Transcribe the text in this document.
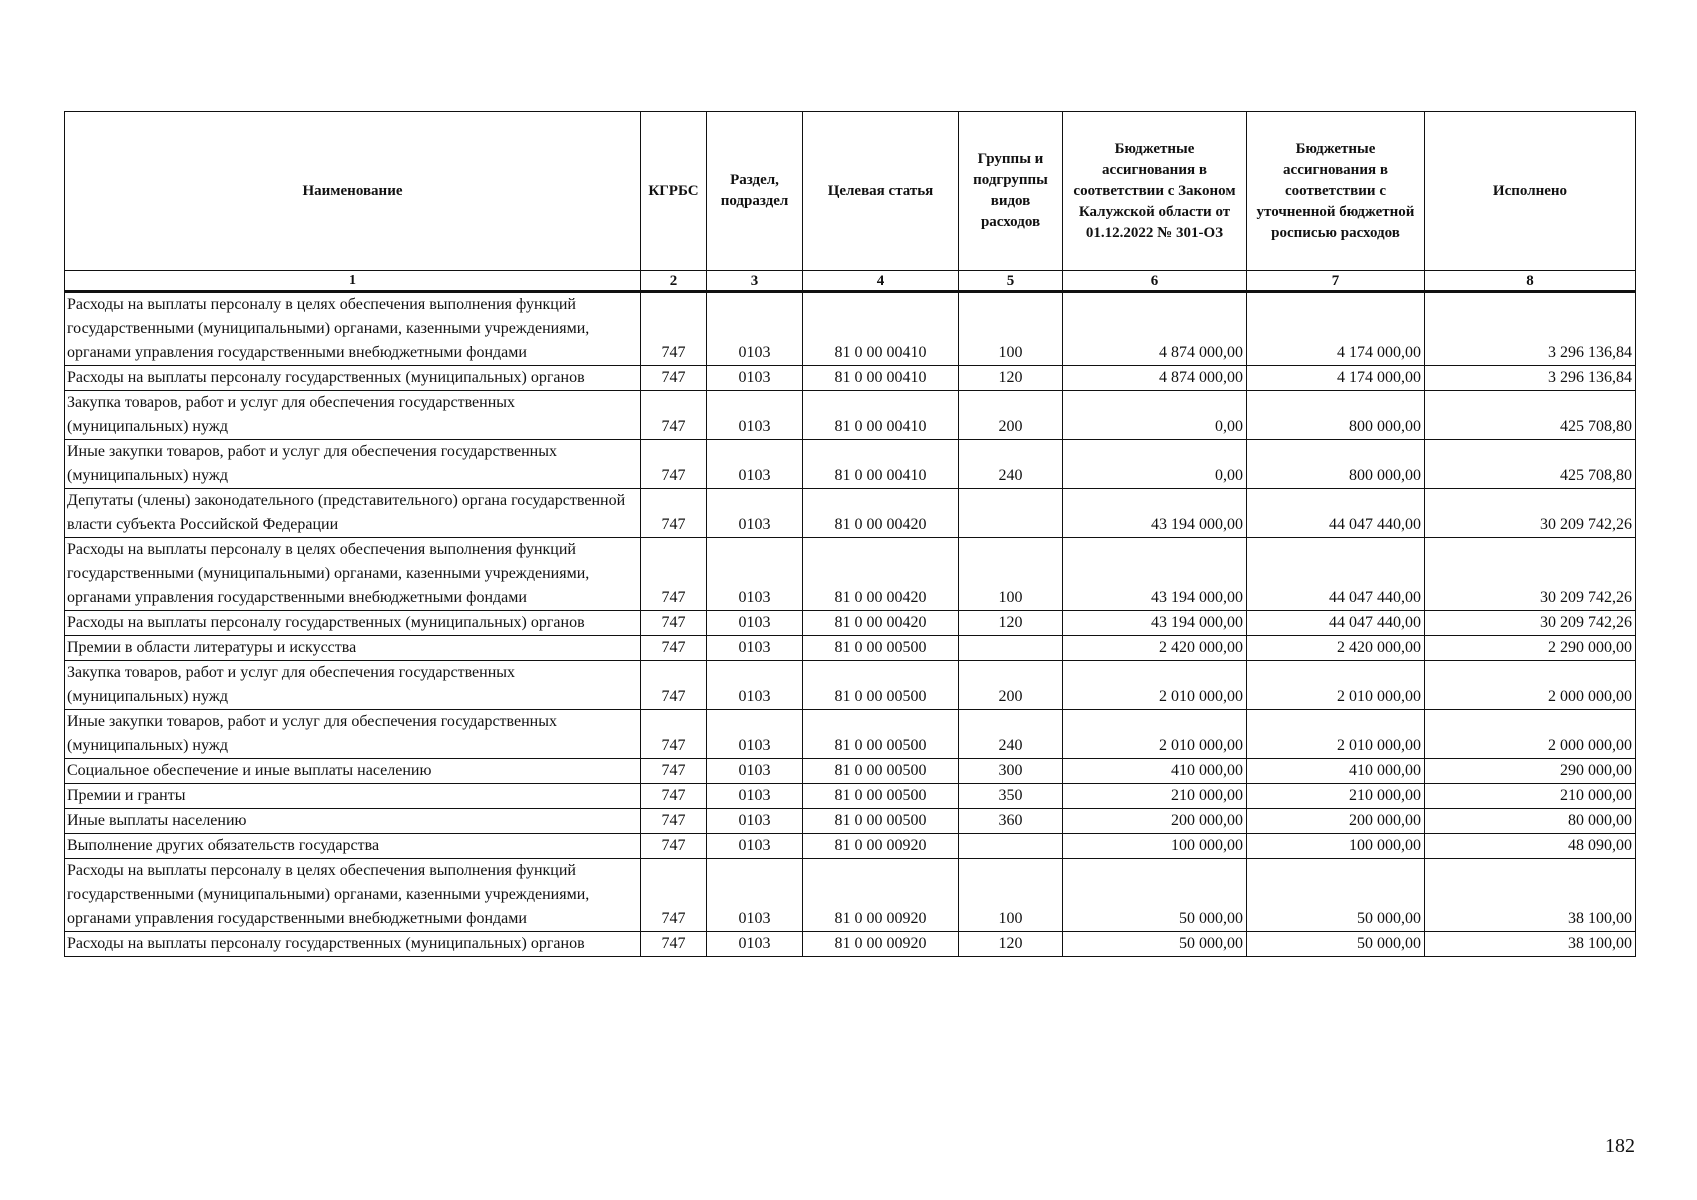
Наименование	КГРБС	Раздел, подраздел	Целевая статья	Группы и подгруппы видов расходов	Бюджетные ассигнования в соответствии с Законом Калужской области от 01.12.2022 № 301-ОЗ	Бюджетные ассигнования в соответствии с уточненной бюджетной росписью расходов	Исполнено
1	2	3	4	5	6	7	8
Расходы на выплаты персоналу в целях обеспечения выполнения функций государственными (муниципальными) органами, казенными учреждениями, органами управления государственными внебюджетными фондами	747	0103	81 0 00 00410	100	4 874 000,00	4 174 000,00	3 296 136,84
Расходы на выплаты персоналу государственных (муниципальных) органов	747	0103	81 0 00 00410	120	4 874 000,00	4 174 000,00	3 296 136,84
Закупка товаров, работ и услуг для обеспечения государственных (муниципальных) нужд	747	0103	81 0 00 00410	200	0,00	800 000,00	425 708,80
Иные закупки товаров, работ и услуг для обеспечения государственных (муниципальных) нужд	747	0103	81 0 00 00410	240	0,00	800 000,00	425 708,80
Депутаты (члены) законодательного (представительного) органа государственной власти субъекта Российской Федерации	747	0103	81 0 00 00420		43 194 000,00	44 047 440,00	30 209 742,26
Расходы на выплаты персоналу в целях обеспечения выполнения функций государственными (муниципальными) органами, казенными учреждениями, органами управления государственными внебюджетными фондами	747	0103	81 0 00 00420	100	43 194 000,00	44 047 440,00	30 209 742,26
Расходы на выплаты персоналу государственных (муниципальных) органов	747	0103	81 0 00 00420	120	43 194 000,00	44 047 440,00	30 209 742,26
Премии в области литературы и искусства	747	0103	81 0 00 00500		2 420 000,00	2 420 000,00	2 290 000,00
Закупка товаров, работ и услуг для обеспечения государственных (муниципальных) нужд	747	0103	81 0 00 00500	200	2 010 000,00	2 010 000,00	2 000 000,00
Иные закупки товаров, работ и услуг для обеспечения государственных (муниципальных) нужд	747	0103	81 0 00 00500	240	2 010 000,00	2 010 000,00	2 000 000,00
Социальное обеспечение и иные выплаты населению	747	0103	81 0 00 00500	300	410 000,00	410 000,00	290 000,00
Премии и гранты	747	0103	81 0 00 00500	350	210 000,00	210 000,00	210 000,00
Иные выплаты населению	747	0103	81 0 00 00500	360	200 000,00	200 000,00	80 000,00
Выполнение других обязательств государства	747	0103	81 0 00 00920		100 000,00	100 000,00	48 090,00
Расходы на выплаты персоналу в целях обеспечения выполнения функций государственными (муниципальными) органами, казенными учреждениями, органами управления государственными внебюджетными фондами	747	0103	81 0 00 00920	100	50 000,00	50 000,00	38 100,00
Расходы на выплаты персоналу государственных (муниципальных) органов	747	0103	81 0 00 00920	120	50 000,00	50 000,00	38 100,00
182
